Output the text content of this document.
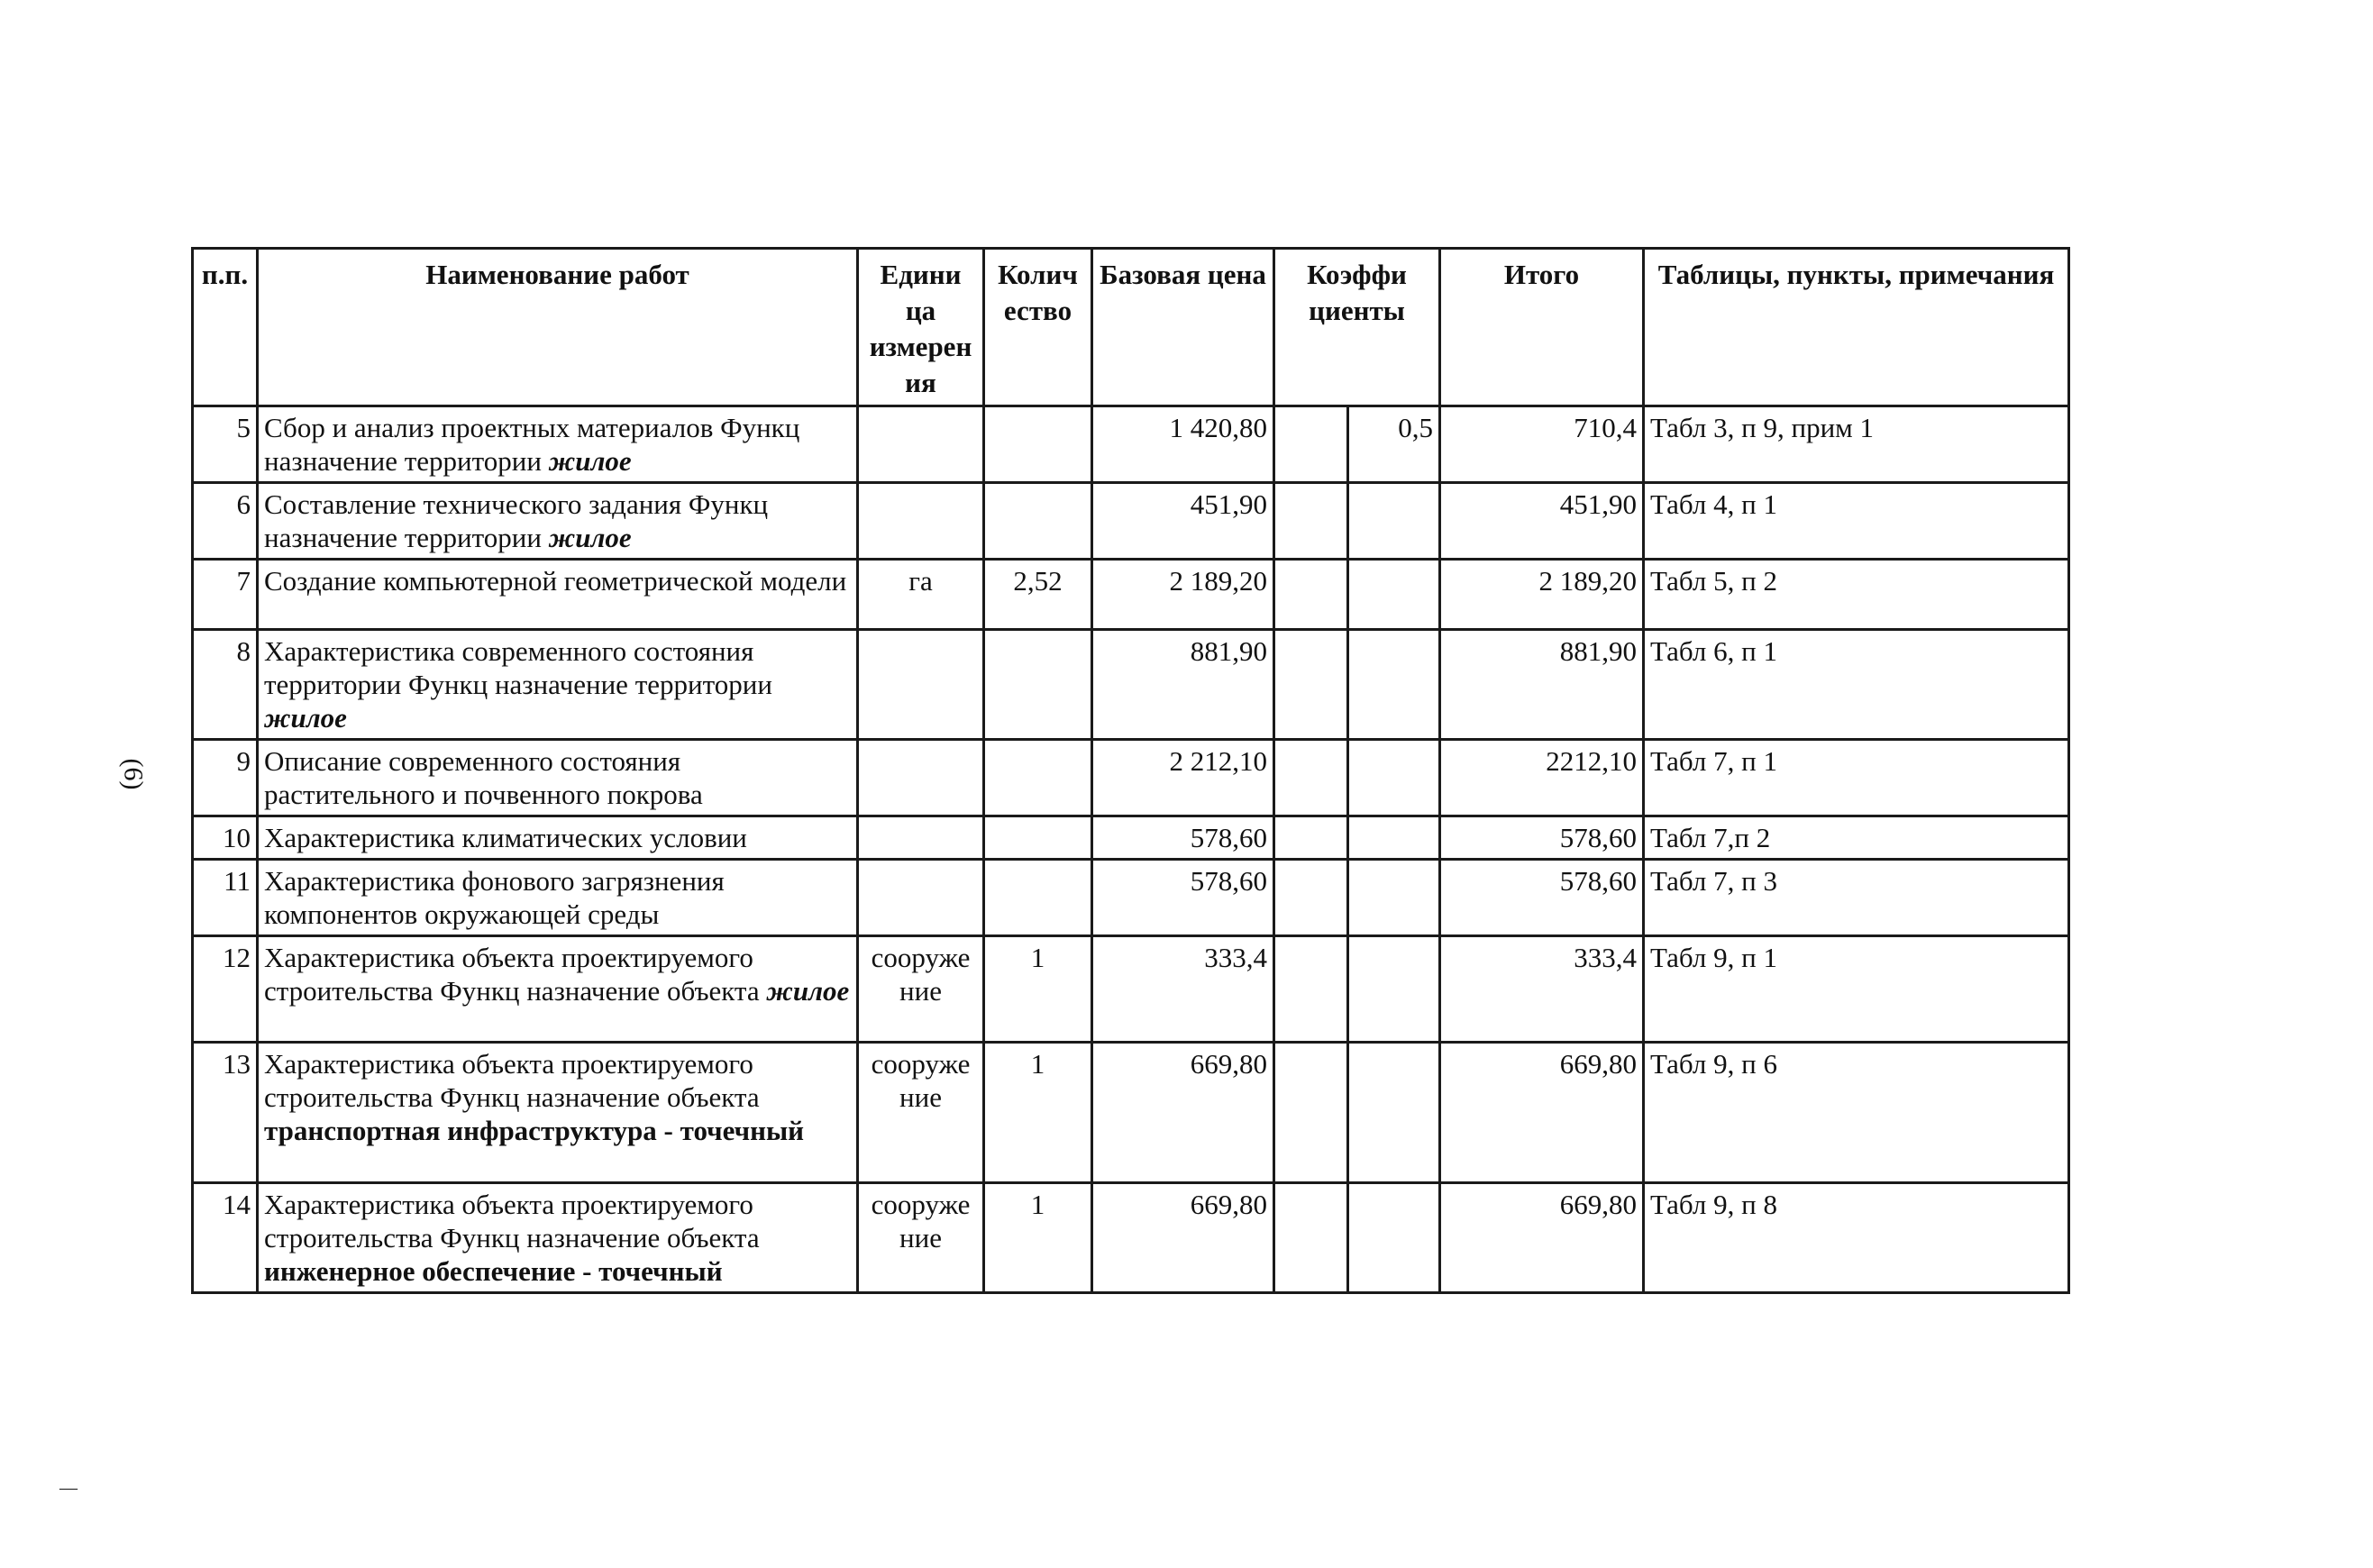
(6)
п.п.	Наименование работ	Едини ца измерен ия	Колич ество	Базовая цена	Коэффи циенты		Итого	Таблицы, пункты, примечания
5	Сбор и анализ проектных материалов Функц назначение территории жилое			1 420,80		0,5	710,4	Табл 3, п 9, прим 1
6	Составление технического задания Функц назначение территории жилое			451,90			451,90	Табл 4, п 1
7	Создание компьютерной геометрической модели	га	2,52	2 189,20			2 189,20	Табл 5, п 2
8	Характеристика современного состояния территории Функц назначение территории жилое			881,90			881,90	Табл 6, п 1
9	Описание современного состояния растительного и почвенного покрова			2 212,10			2212,10	Табл 7, п 1
10	Характеристика климатических условии			578,60			578,60	Табл 7,п 2
11	Характеристика фонового загрязнения компонентов окружающей среды			578,60			578,60	Табл 7, п 3
12	Характеристика объекта проектируемого строительства Функц назначение объекта жилое	сооруже ние	1	333,4			333,4	Табл 9, п 1
13	Характеристика объекта проектируемого строительства Функц назначение объекта транспортная инфраструктура - точечный	сооруже ние	1	669,80			669,80	Табл 9, п 6
14	Характеристика объекта проектируемого строительства Функц назначение объекта инженерное обеспечение - точечный	сооруже ние	1	669,80			669,80	Табл 9, п 8
—
